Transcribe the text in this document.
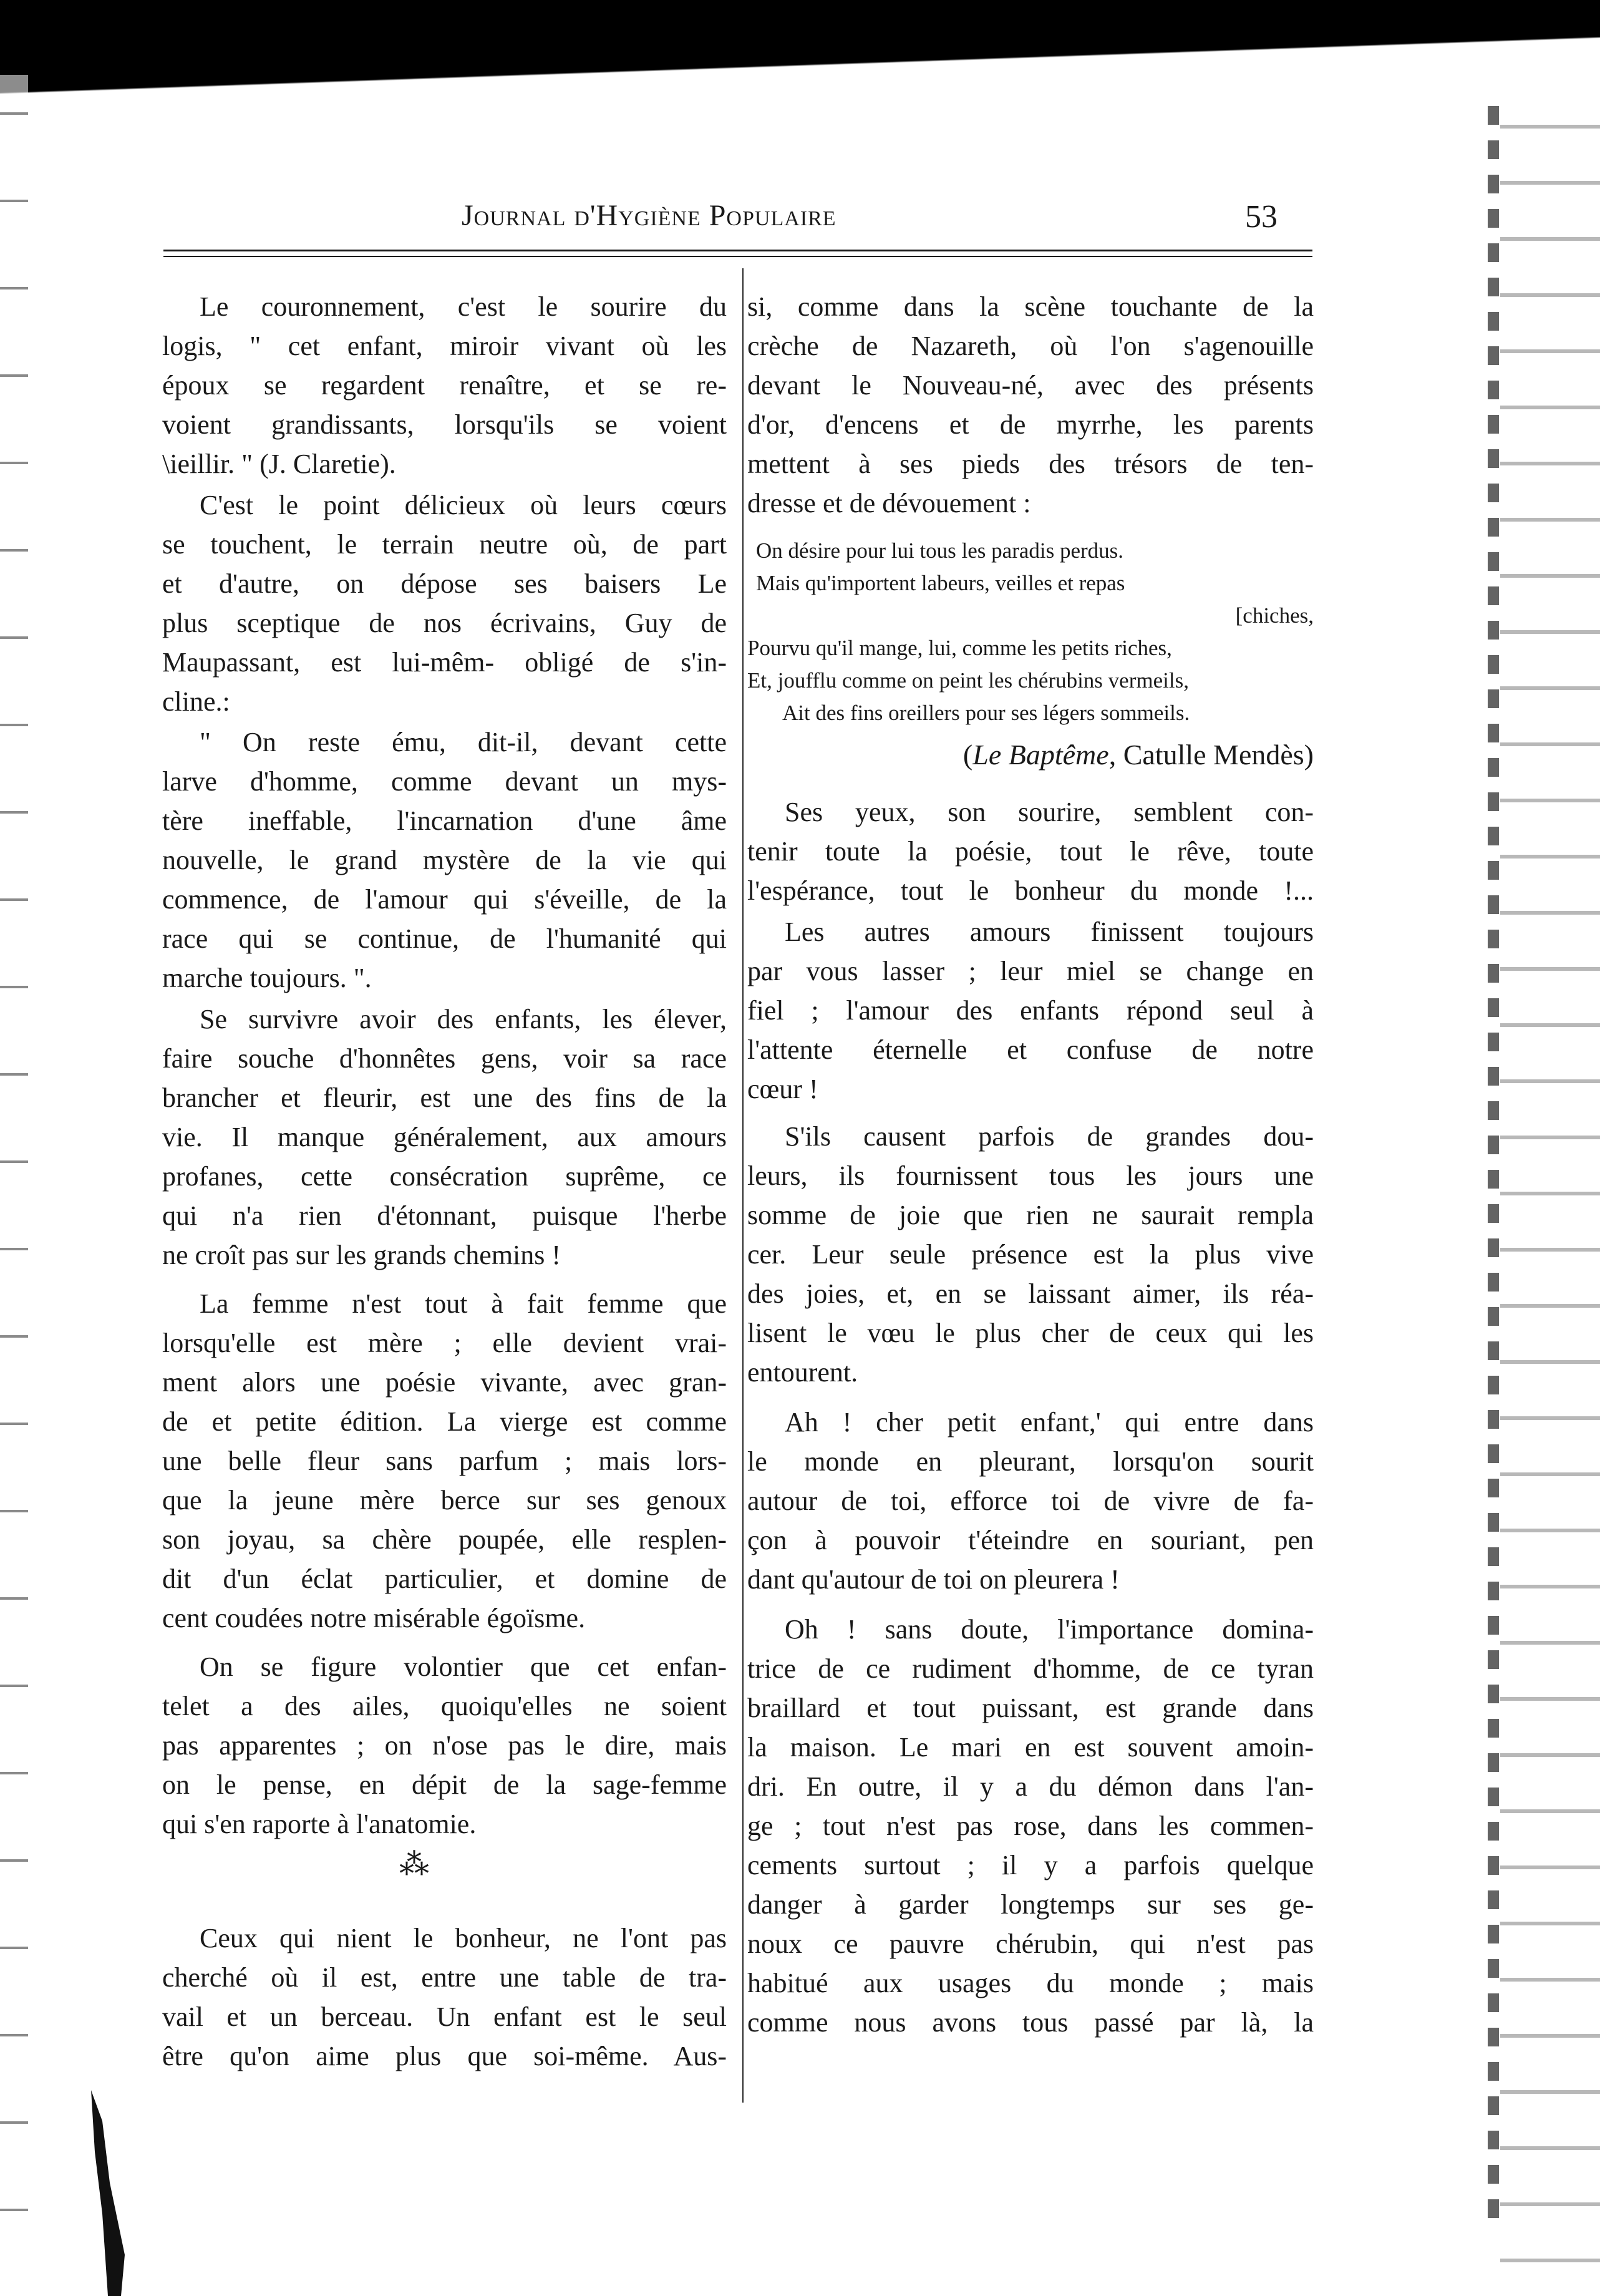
Journal d'Hygiène Populaire	53
Le couronnement, c'est le sourire du
logis, " cet enfant, miroir vivant où les
époux se regardent renaître, et se re-
voient grandissants, lorsqu'ils se voient
\ieillir. " (J. Claretie).
C'est le point délicieux où leurs cœurs
se touchent, le terrain neutre où, de part
et d'autre, on dépose ses baisers Le
plus sceptique de nos écrivains, Guy de
Maupassant, est lui-mêm- obligé de s'in-
cline.:
" On reste ému, dit-il, devant cette
larve d'homme, comme devant un mys-
tère ineffable, l'incarnation d'une âme
nouvelle, le grand mystère de la vie qui
commence, de l'amour qui s'éveille, de la
race qui se continue, de l'humanité qui
marche toujours. ".
Se survivre avoir des enfants, les élever,
faire souche d'honnêtes gens, voir sa race
brancher et fleurir, est une des fins de la
vie. Il manque généralement, aux amours
profanes, cette consécration suprême, ce
qui n'a rien d'étonnant, puisque l'herbe
ne croît pas sur les grands chemins !
La femme n'est tout à fait femme que
lorsqu'elle est mère ; elle devient vrai-
ment alors une poésie vivante, avec gran-
de et petite édition. La vierge est comme
une belle fleur sans parfum ; mais lors-
que la jeune mère berce sur ses genoux
son joyau, sa chère poupée, elle resplen-
dit d'un éclat particulier, et domine de
cent coudées notre misérable égoïsme.
On se figure volontier que cet enfan-
telet a des ailes, quoiqu'elles ne soient
pas apparentes ; on n'ose pas le dire, mais
on le pense, en dépit de la sage-femme
qui s'en raporte à l'anatomie.
⁂
Ceux qui nient le bonheur, ne l'ont pas
cherché où il est, entre une table de tra-
vail et un berceau. Un enfant est le seul
être qu'on aime plus que soi-même. Aus-
si, comme dans la scène touchante de la
crèche de Nazareth, où l'on s'agenouille
devant le Nouveau-né, avec des présents
d'or, d'encens et de myrrhe, les parents
mettent à ses pieds des trésors de ten-
dresse et de dévouement :
On désire pour lui tous les paradis perdus.
Mais qu'importent labeurs, veilles et repas
[chiches,
Pourvu qu'il mange, lui, comme les petits riches,
Et, joufflu comme on peint les chérubins vermeils,
Ait des fins oreillers pour ses légers sommeils.
(Le Baptême, Catulle Mendès)
Ses yeux, son sourire, semblent con-
tenir toute la poésie, tout le rêve, toute
l'espérance, tout le bonheur du monde !...
Les autres amours finissent toujours
par vous lasser ; leur miel se change en
fiel ; l'amour des enfants répond seul à
l'attente éternelle et confuse de notre
cœur !
S'ils causent parfois de grandes dou-
leurs, ils fournissent tous les jours une
somme de joie que rien ne saurait rempla
cer. Leur seule présence est la plus vive
des joies, et, en se laissant aimer, ils réa-
lisent le vœu le plus cher de ceux qui les
entourent.
Ah ! cher petit enfant,' qui entre dans
le monde en pleurant, lorsqu'on sourit
autour de toi, efforce toi de vivre de fa-
çon à pouvoir t'éteindre en souriant, pen
dant qu'autour de toi on pleurera !
Oh ! sans doute, l'importance domina-
trice de ce rudiment d'homme, de ce tyran
braillard et tout puissant, est grande dans
la maison. Le mari en est souvent amoin-
dri. En outre, il y a du démon dans l'an-
ge ; tout n'est pas rose, dans les commen-
cements surtout ; il y a parfois quelque
danger à garder longtemps sur ses ge-
noux ce pauvre chérubin, qui n'est pas
habitué aux usages du monde ; mais
comme nous avons tous passé par là, la
